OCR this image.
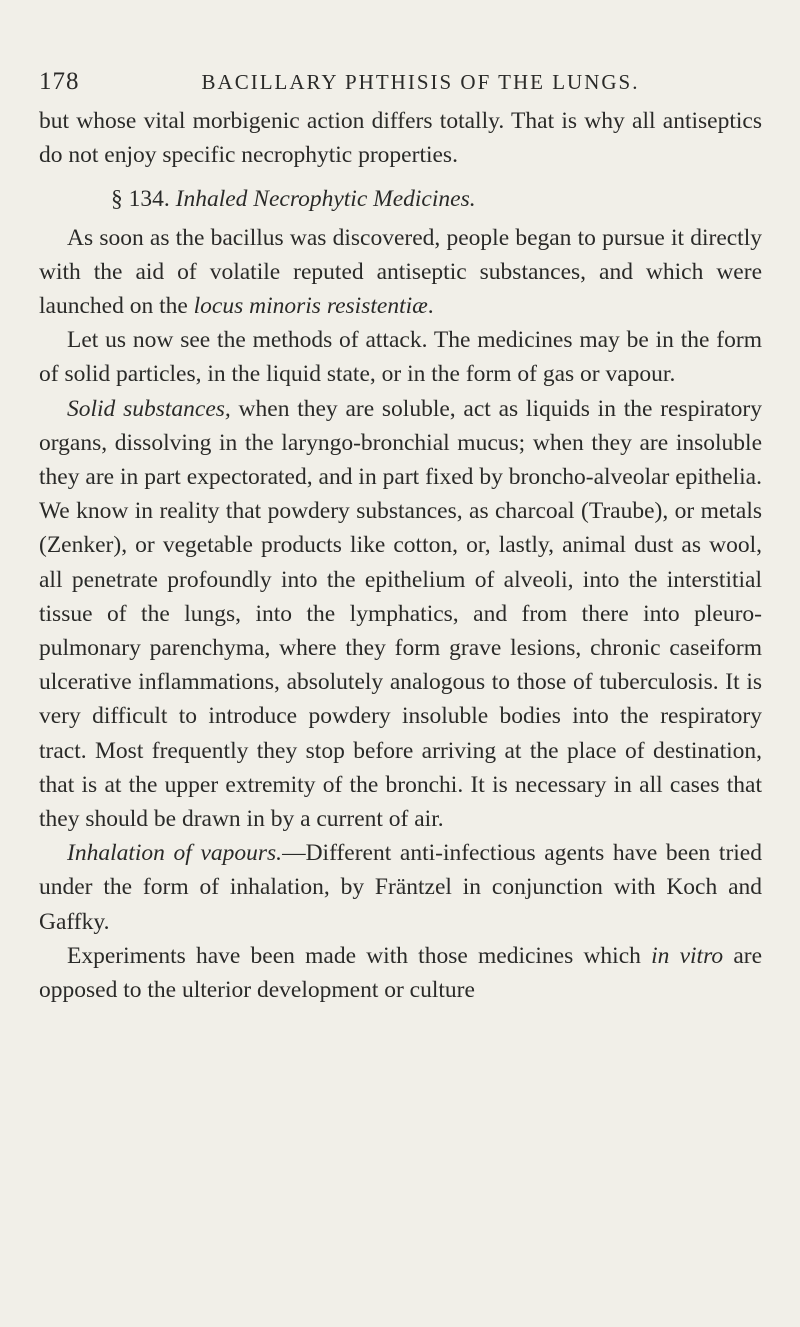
178	BACILLARY PHTHISIS OF THE LUNGS.

but whose vital morbigenic action differs totally. That is why all antiseptics do not enjoy specific necrophytic properties.

§ 134. Inhaled Necrophytic Medicines.

As soon as the bacillus was discovered, people began to pursue it directly with the aid of volatile reputed antiseptic substances, and which were launched on the locus minoris resistentiæ.

Let us now see the methods of attack. The medicines may be in the form of solid particles, in the liquid state, or in the form of gas or vapour.

Solid substances, when they are soluble, act as liquids in the respiratory organs, dissolving in the laryngo-bronchial mucus; when they are insoluble they are in part expectorated, and in part fixed by broncho-alveolar epithelia. We know in reality that powdery substances, as charcoal (Traube), or metals (Zenker), or vegetable products like cotton, or, lastly, animal dust as wool, all penetrate profoundly into the epithelium of alveoli, into the interstitial tissue of the lungs, into the lymphatics, and from there into pleuro-pulmonary parenchyma, where they form grave lesions, chronic caseiform ulcerative inflammations, absolutely analogous to those of tuberculosis. It is very difficult to introduce powdery insoluble bodies into the respiratory tract. Most frequently they stop before arriving at the place of destination, that is at the upper extremity of the bronchi. It is necessary in all cases that they should be drawn in by a current of air.

Inhalation of vapours.—Different anti-infectious agents have been tried under the form of inhalation, by Fräntzel in conjunction with Koch and Gaffky.

Experiments have been made with those medicines which in vitro are opposed to the ulterior development or culture
